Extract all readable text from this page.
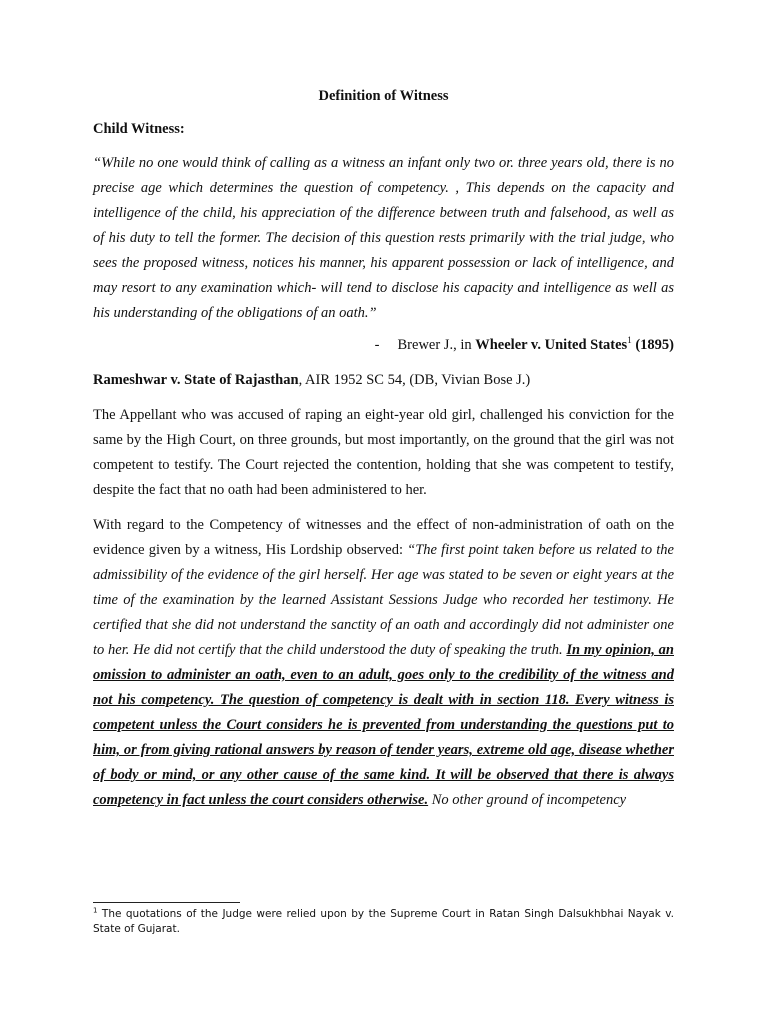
Definition of Witness

Child Witness:

“While no one would think of calling as a witness an infant only two or. three years old, there is no precise age which determines the question of competency. , This depends on the capacity and intelligence of the child, his appreciation of the difference between truth and falsehood, as well as of his duty to tell the former. The decision of this question rests primarily with the trial judge, who sees the proposed witness, notices his manner, his apparent possession or lack of intelligence, and may resort to any examination which- will tend to disclose his capacity and intelligence as well as his understanding of the obligations of an oath.”

- Brewer J., in Wheeler v. United States$^1$ (1895)

Rameshwar v. State of Rajasthan, AIR 1952 SC 54, (DB, Vivian Bose J.)

The Appellant who was accused of raping an eight-year old girl, challenged his conviction for the same by the High Court, on three grounds, but most importantly, on the ground that the girl was not competent to testify. The Court rejected the contention, holding that she was competent to testify, despite the fact that no oath had been administered to her.

With regard to the Competency of witnesses and the effect of non-administration of oath on the evidence given by a witness, His Lordship observed: “The first point taken before us related to the admissibility of the evidence of the girl herself. Her age was stated to be seven or eight years at the time of the examination by the learned Assistant Sessions Judge who recorded her testimony. He certified that she did not understand the sanctity of an oath and accordingly did not administer one to her. He did not certify that the child understood the duty of speaking the truth. In my opinion, an omission to administer an oath, even to an adult, goes only to the credibility of the witness and not his competency. The question of competency is dealt with in section 118. Every witness is competent unless the Court considers he is prevented from understanding the questions put to him, or from giving rational answers by reason of tender years, extreme old age, disease whether of body or mind, or any other cause of the same kind. It will be observed that there is always competency in fact unless the court considers otherwise. No other ground of incompetency

$^1$ The quotations of the Judge were relied upon by the Supreme Court in Ratan Singh Dalsukhbhai Nayak v. State of Gujarat.
